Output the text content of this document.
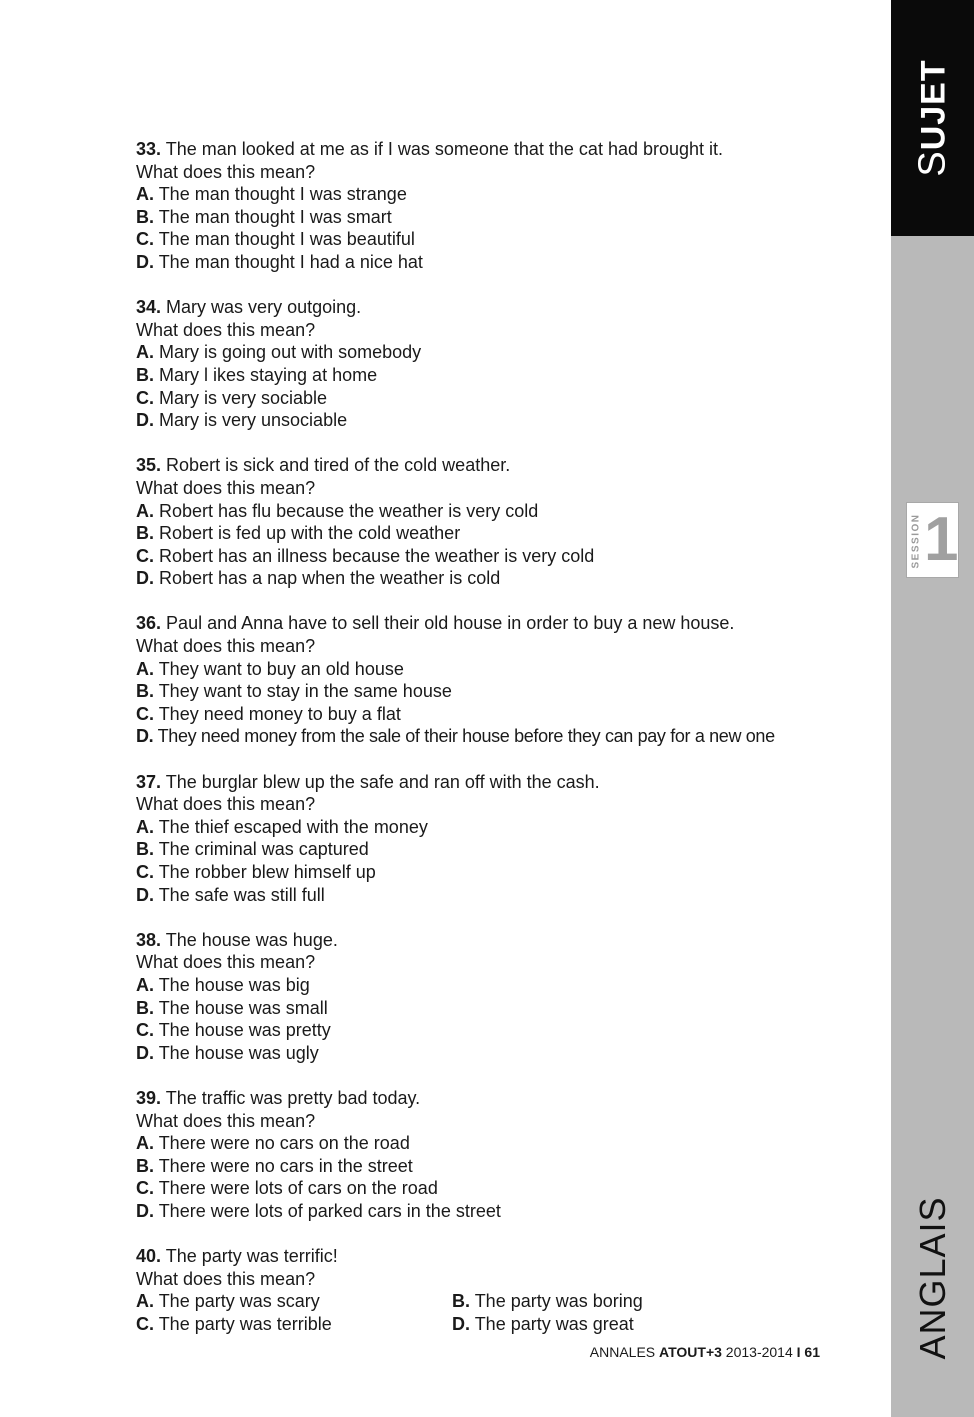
33. The man looked at me as if I was someone that the cat had brought it.
What does this mean?
A. The man thought I was strange
B. The man thought I was smart
C. The man thought I was beautiful
D. The man thought I had a nice hat
34. Mary was very outgoing.
What does this mean?
A. Mary is going out with somebody
B. Mary l ikes staying at home
C. Mary is very sociable
D. Mary is very unsociable
35. Robert is sick and tired of the cold weather.
What does this mean?
A. Robert has flu because the weather is very cold
B. Robert is fed up with the cold weather
C. Robert has an illness because the weather is very cold
D. Robert has a nap when the weather is cold
36. Paul and Anna have to sell their old house in order to buy a new house.
What does this mean?
A. They want to buy an old house
B. They want to stay in the same house
C. They need money to buy a flat
D. They need money from the sale of their house before they can pay for a new one
37. The burglar blew up the safe and ran off with the cash.
What does this mean?
A. The thief escaped with the money
B. The criminal was captured
C. The robber blew himself up
D. The safe was still full
38. The house was huge.
What does this mean?
A. The house was big
B. The house was small
C. The house was pretty
D. The house was ugly
39. The traffic was pretty bad today.
What does this mean?
A. There were no cars on the road
B. There were no cars in the street
C. There were lots of cars on the road
D. There were lots of parked cars in the street
40. The party was terrific!
What does this mean?
A. The party was scary	B. The party was boring
C. The party was terrible	D. The party was great
ANNALES ATOUT+3 2013-2014 I 61
SUJET
SESSION 1
ANGLAIS
